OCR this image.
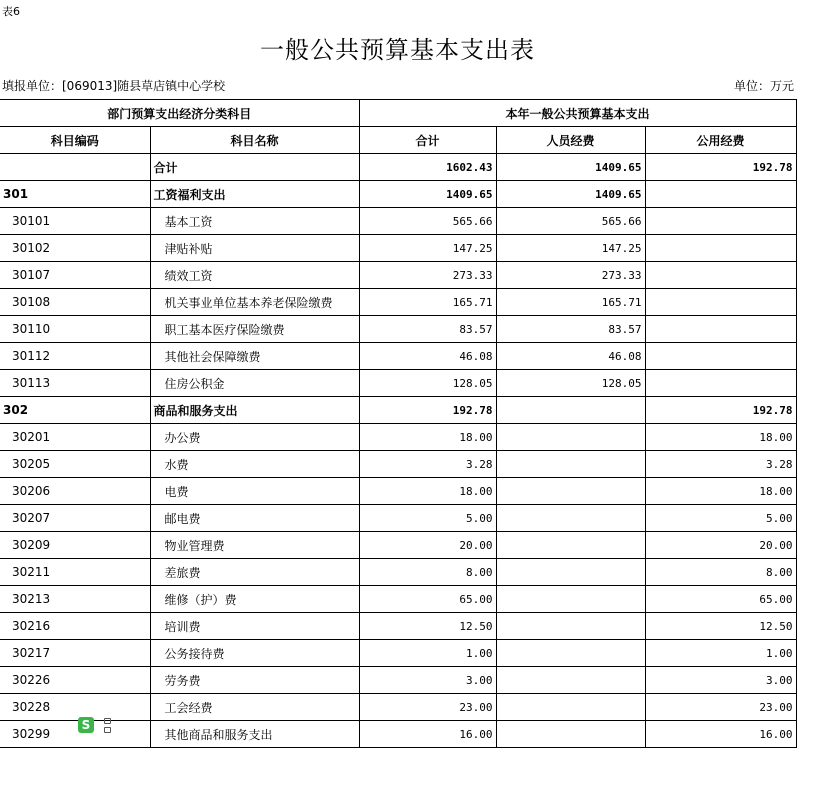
表6
一般公共预算基本支出表
填报单位：[069013]随县草店镇中心学校	单位：万元
部门预算支出经济分类科目		本年一般公共预算基本支出		
科目编码	科目名称	合计	人员经费	公用经费
	合计	1602.43	1409.65	192.78
301	工资福利支出	1409.65	1409.65	
30101	基本工资	565.66	565.66	
30102	津贴补贴	147.25	147.25	
30107	绩效工资	273.33	273.33	
30108	机关事业单位基本养老保险缴费	165.71	165.71	
30110	职工基本医疗保险缴费	83.57	83.57	
30112	其他社会保障缴费	46.08	46.08	
30113	住房公积金	128.05	128.05	
302	商品和服务支出	192.78		192.78
30201	办公费	18.00		18.00
30205	水费	3.28		3.28
30206	电费	18.00		18.00
30207	邮电费	5.00		5.00
30209	物业管理费	20.00		20.00
30211	差旅费	8.00		8.00
30213	维修（护）费	65.00		65.00
30216	培训费	12.50		12.50
30217	公务接待费	1.00		1.00
30226	劳务费	3.00		3.00
30228	工会经费	23.00		23.00
30299	其他商品和服务支出	16.00		16.00
S
